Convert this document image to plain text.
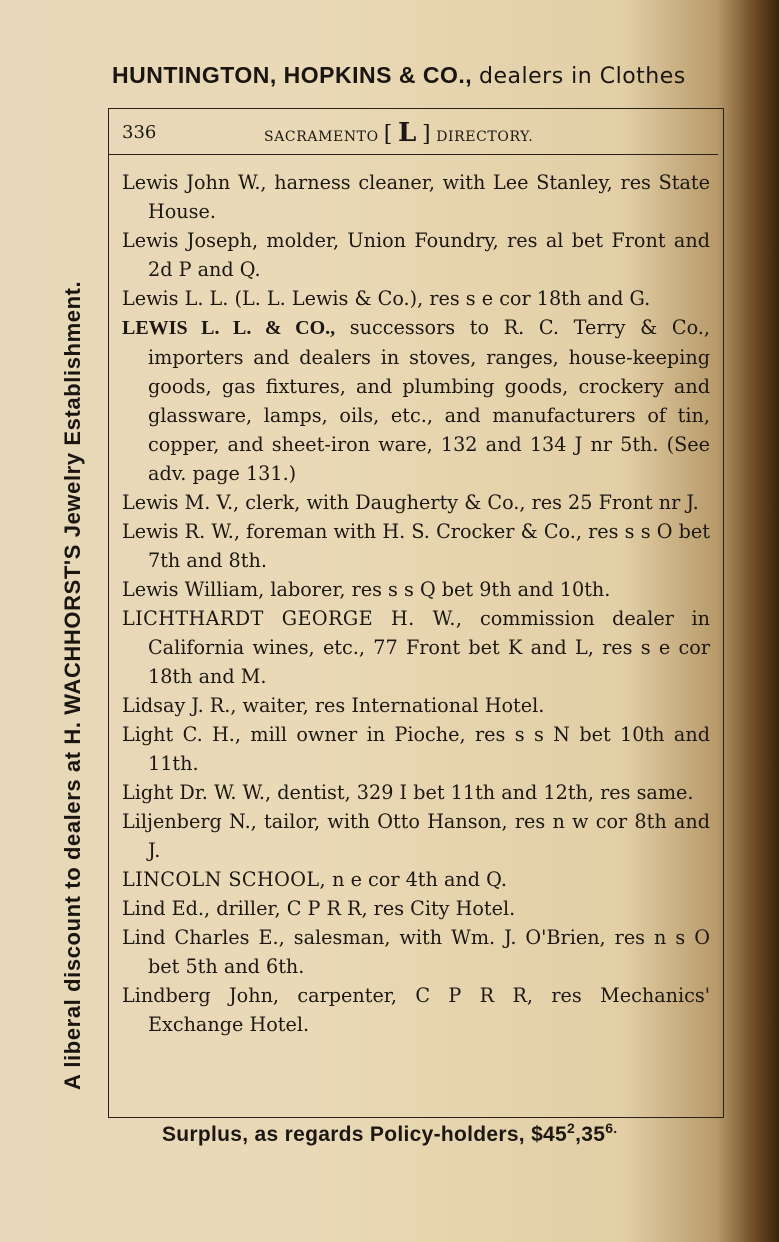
HUNTINGTON, HOPKINS & CO., dealers in Clothes
A liberal discount to dealers at H. WACHHORST'S Jewelry Establishment.
336	SACRAMENTO [ L ] DIRECTORY.

Lewis John W., harness cleaner, with Lee Stanley, res State House.

Lewis Joseph, molder, Union Foundry, res al bet Front and 2d P and Q.

Lewis L. L. (L. L. Lewis & Co.), res s e cor 18th and G.

LEWIS L. L. & CO., successors to R. C. Terry & Co., importers and dealers in stoves, ranges, house-keeping goods, gas fixtures, and plumbing goods, crockery and glassware, lamps, oils, etc., and manufacturers of tin, copper, and sheet-iron ware, 132 and 134 J nr 5th. (See adv. page 131.)

Lewis M. V., clerk, with Daugherty & Co., res 25 Front nr J.

Lewis R. W., foreman with H. S. Crocker & Co., res s s O bet 7th and 8th.

Lewis William, laborer, res s s Q bet 9th and 10th.

LICHTHARDT GEORGE H. W., commission dealer in California wines, etc., 77 Front bet K and L, res s e cor 18th and M.

Lidsay J. R., waiter, res International Hotel.

Light C. H., mill owner in Pioche, res s s N bet 10th and 11th.

Light Dr. W. W., dentist, 329 I bet 11th and 12th, res same.

Liljenberg N., tailor, with Otto Hanson, res n w cor 8th and J.

LINCOLN SCHOOL, n e cor 4th and Q.

Lind Ed., driller, C P R R, res City Hotel.

Lind Charles E., salesman, with Wm. J. O'Brien, res n s O bet 5th and 6th.

Lindberg John, carpenter, C P R R, res Mechanics' Exchange Hotel.

Surplus, as regards Policy-holders, $\$45^2,35^{6.}$
